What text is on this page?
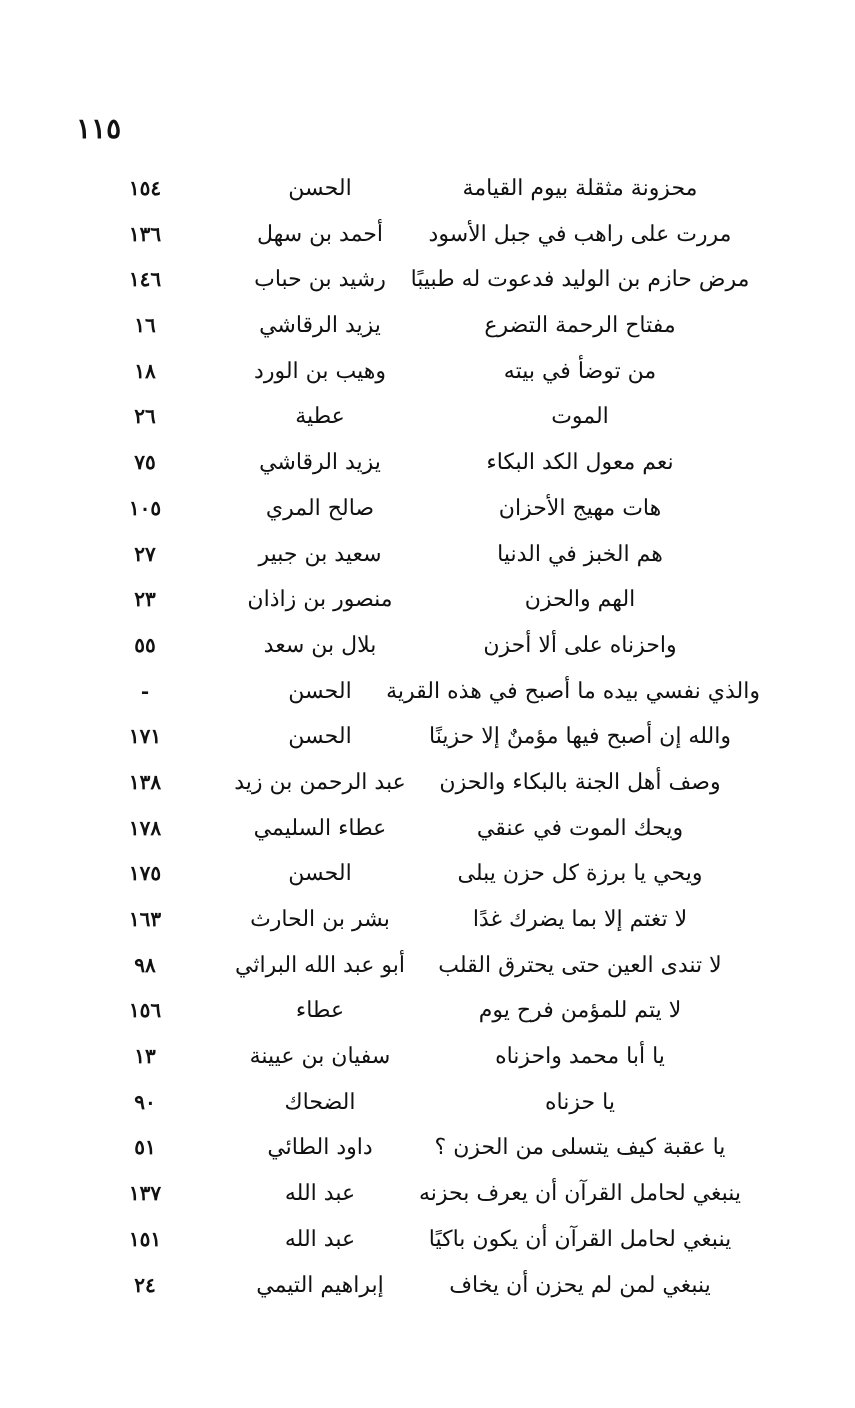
١١٥
محزونة مثقلة بيوم القيامة
الحسن
١٥٤
مررت على راهب في جبل الأسود
أحمد بن سهل
١٣٦
مرض حازم بن الوليد فدعوت له طبيبًا
رشيد بن حباب
١٤٦
مفتاح الرحمة التضرع
يزيد الرقاشي
١٦
من توضأ في بيته
وهيب بن الورد
١٨
الموت
عطية
٢٦
نعم معول الكد البكاء
يزيد الرقاشي
٧٥
هات مهيج الأحزان
صالح المري
١٠٥
هم الخبز في الدنيا
سعيد بن جبير
٢٧
الهم والحزن
منصور بن زاذان
٢٣
واحزناه على ألا أحزن
بلال بن سعد
٥٥
والذي نفسي بيده ما أصبح في هذه القرية
الحسن
-
والله إن أصبح فيها مؤمنٌ إلا حزينًا
الحسن
١٧١
وصف أهل الجنة بالبكاء والحزن
عبد الرحمن بن زيد
١٣٨
ويحك الموت في عنقي
عطاء السليمي
١٧٨
ويحي يا برزة كل حزن يبلى
الحسن
١٧٥
لا تغتم إلا بما يضرك غدًا
بشر بن الحارث
١٦٣
لا تندى العين حتى يحترق القلب
أبو عبد الله البراثي
٩٨
لا يتم للمؤمن فرح يوم
عطاء
١٥٦
يا أبا محمد واحزناه
سفيان بن عيينة
١٣
يا حزناه
الضحاك
٩٠
يا عقبة كيف يتسلى من الحزن ؟
داود الطائي
٥١
ينبغي لحامل القرآن أن يعرف بحزنه
عبد الله
١٣٧
ينبغي لحامل القرآن أن يكون باكيًا
عبد الله
١٥١
ينبغي لمن لم يحزن أن يخاف
إبراهيم التيمي
٢٤
